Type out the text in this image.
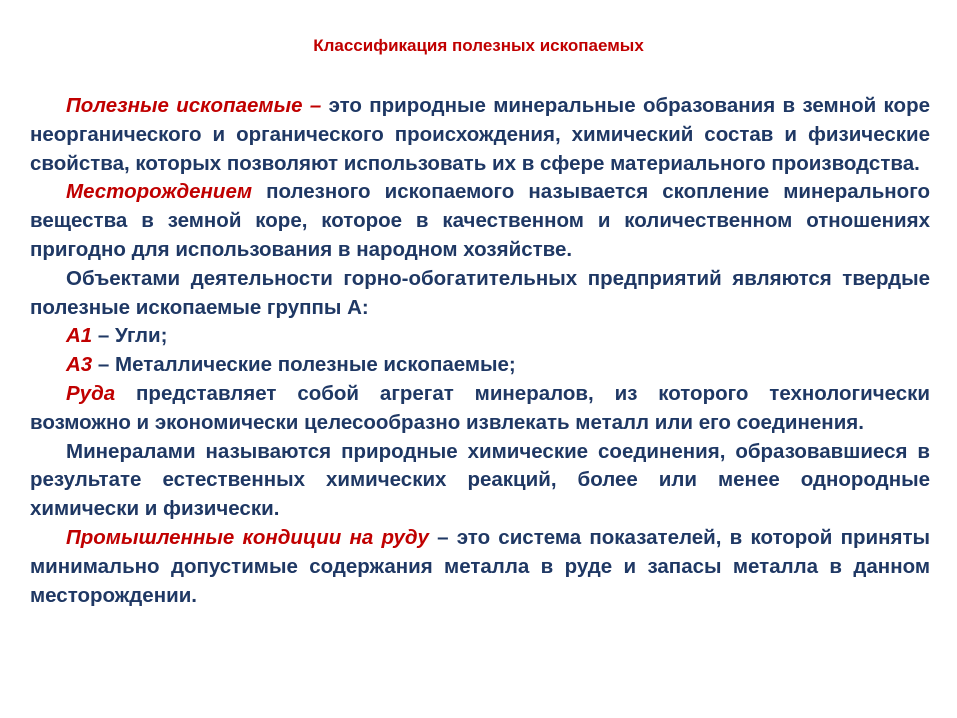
Классификация полезных ископаемых

Полезные ископаемые – это природные минеральные образования в земной коре неорганического и органического происхождения, химический состав и физические свойства, которых позволяют использовать их в сфере материального производства.

Месторождением полезного ископаемого называется скопление минерального вещества в земной коре, которое в качественном и количественном отношениях пригодно для использования в народном хозяйстве.

Объектами деятельности горно-обогатительных предприятий являются твердые полезные ископаемые группы А:

А1 – Угли;

А3 – Металлические полезные ископаемые;

Руда представляет собой агрегат минералов, из которого технологически возможно и экономически целесообразно извлекать металл или его соединения.

Минералами называются природные химические соединения, образовавшиеся в результате естественных химических реакций, более или менее однородные химически и физически.

Промышленные кондиции на руду – это система показателей, в которой приняты минимально допустимые содержания металла в руде и запасы металла в данном месторождении.
